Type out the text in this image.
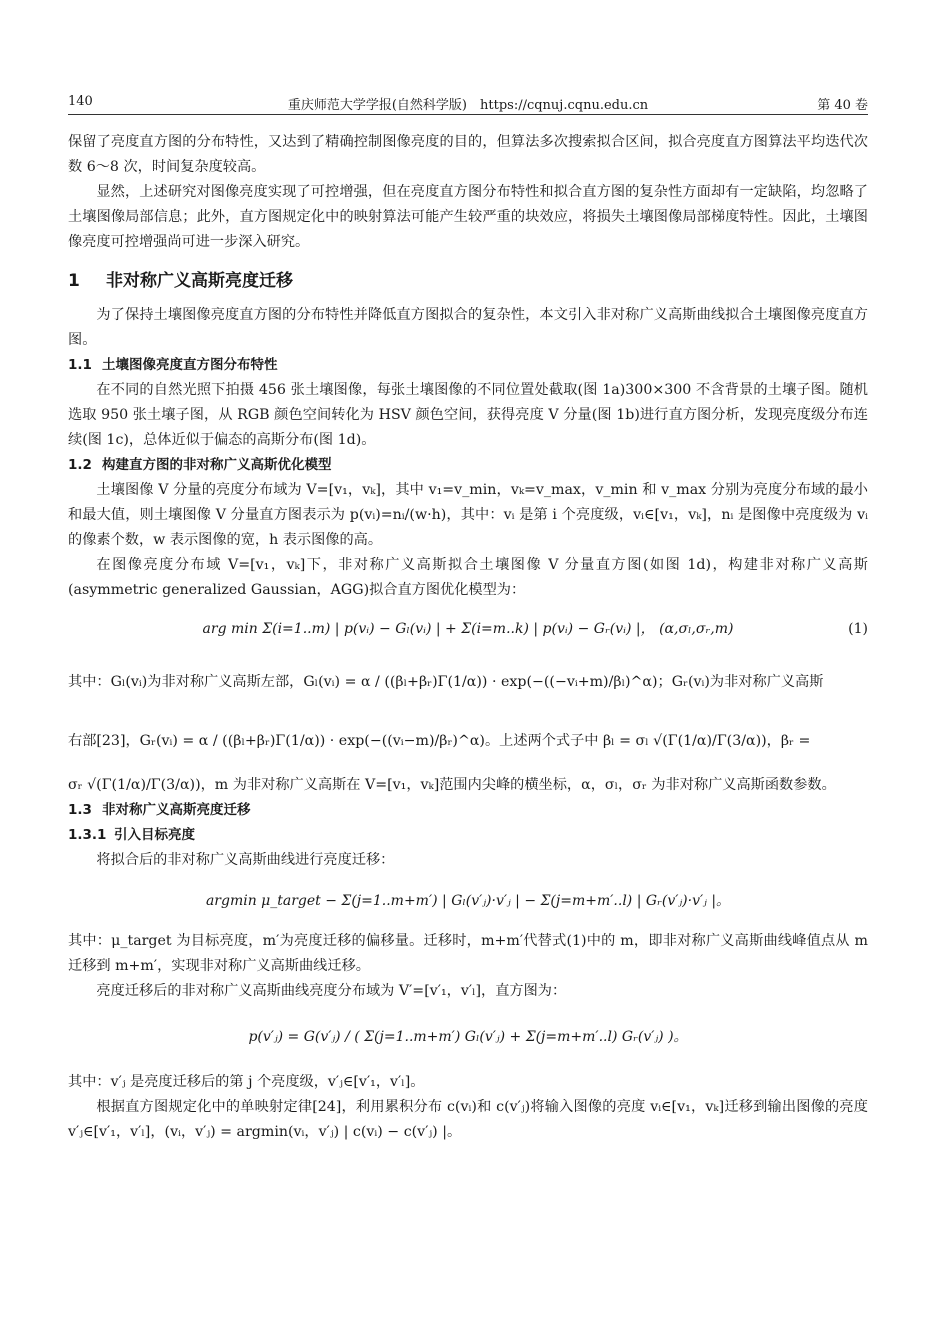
140	重庆师范大学学报(自然科学版)　https://cqnuj.cqnu.edu.cn	第 40 卷

保留了亮度直方图的分布特性，又达到了精确控制图像亮度的目的，但算法多次搜索拟合区间，拟合亮度直方图算法平均迭代次数 6～8 次，时间复杂度较高。

显然，上述研究对图像亮度实现了可控增强，但在亮度直方图分布特性和拟合直方图的复杂性方面却有一定缺陷，均忽略了土壤图像局部信息；此外，直方图规定化中的映射算法可能产生较严重的块效应，将损失土壤图像局部梯度特性。因此，土壤图像亮度可控增强尚可进一步深入研究。

1 非对称广义高斯亮度迁移

为了保持土壤图像亮度直方图的分布特性并降低直方图拟合的复杂性，本文引入非对称广义高斯曲线拟合土壤图像亮度直方图。

1.1 土壤图像亮度直方图分布特性

在不同的自然光照下拍摄 456 张土壤图像，每张土壤图像的不同位置处截取(图 1a)300×300 不含背景的土壤子图。随机选取 950 张土壤子图，从 RGB 颜色空间转化为 HSV 颜色空间，获得亮度 V 分量(图 1b)进行直方图分析，发现亮度级分布连续(图 1c)，总体近似于偏态的高斯分布(图 1d)。

1.2 构建直方图的非对称广义高斯优化模型

土壤图像 V 分量的亮度分布域为 V=[v₁，vₖ]，其中 v₁=v_min，vₖ=v_max，v_min 和 v_max 分别为亮度分布域的最小和最大值，则土壤图像 V 分量直方图表示为 p(vᵢ)=nᵢ/(w·h)，其中：vᵢ 是第 i 个亮度级，vᵢ∈[v₁，vₖ]，nᵢ 是图像中亮度级为 vᵢ 的像素个数，w 表示图像的宽，h 表示图像的高。

在图像亮度分布域 V=[v₁，vₖ]下，非对称广义高斯拟合土壤图像 V 分量直方图(如图 1d)，构建非对称广义高斯(asymmetric generalized Gaussian，AGG)拟合直方图优化模型为：

arg min Σ(i=1..m) | p(vᵢ) − Gₗ(vᵢ) | + Σ(i=m..k) | p(vᵢ) − Gᵣ(vᵢ) |， (α,σₗ,σᵣ,m)	(1)

其中：Gₗ(vᵢ)为非对称广义高斯左部，Gₗ(vᵢ) = α / ((βₗ+βᵣ)Γ(1/α)) · exp(−((−vᵢ+m)/βₗ)^α)；Gᵣ(vᵢ)为非对称广义高斯

右部[23]，Gᵣ(vᵢ) = α / ((βₗ+βᵣ)Γ(1/α)) · exp(−((vᵢ−m)/βᵣ)^α)。上述两个式子中 βₗ = σₗ √(Γ(1/α)/Γ(3/α))，βᵣ =

σᵣ √(Γ(1/α)/Γ(3/α))，m 为非对称广义高斯在 V=[v₁，vₖ]范围内尖峰的横坐标，α，σₗ，σᵣ 为非对称广义高斯函数参数。

1.3 非对称广义高斯亮度迁移
1.3.1 引入目标亮度

将拟合后的非对称广义高斯曲线进行亮度迁移：

argmin μ_target − Σ(j=1..m+m′) | Gₗ(v′ⱼ)·v′ⱼ | − Σ(j=m+m′..l) | Gᵣ(v′ⱼ)·v′ⱼ |。

其中：μ_target 为目标亮度，m′为亮度迁移的偏移量。迁移时，m+m′代替式(1)中的 m，即非对称广义高斯曲线峰值点从 m 迁移到 m+m′，实现非对称广义高斯曲线迁移。

亮度迁移后的非对称广义高斯曲线亮度分布域为 V′=[v′₁，v′ₗ]，直方图为：

p(v′ⱼ) = G(v′ⱼ) / ( Σ(j=1..m+m′) Gₗ(v′ⱼ) + Σ(j=m+m′..l) Gᵣ(v′ⱼ) )。

其中：v′ⱼ 是亮度迁移后的第 j 个亮度级，v′ⱼ∈[v′₁，v′ₗ]。

根据直方图规定化中的单映射定律[24]，利用累积分布 c(vᵢ)和 c(v′ⱼ)将输入图像的亮度 vᵢ∈[v₁，vₖ]迁移到输出图像的亮度 v′ⱼ∈[v′₁，v′ₗ]，(vᵢ，v′ⱼ) = argmin(vᵢ，v′ⱼ) | c(vᵢ) − c(v′ⱼ) |。
